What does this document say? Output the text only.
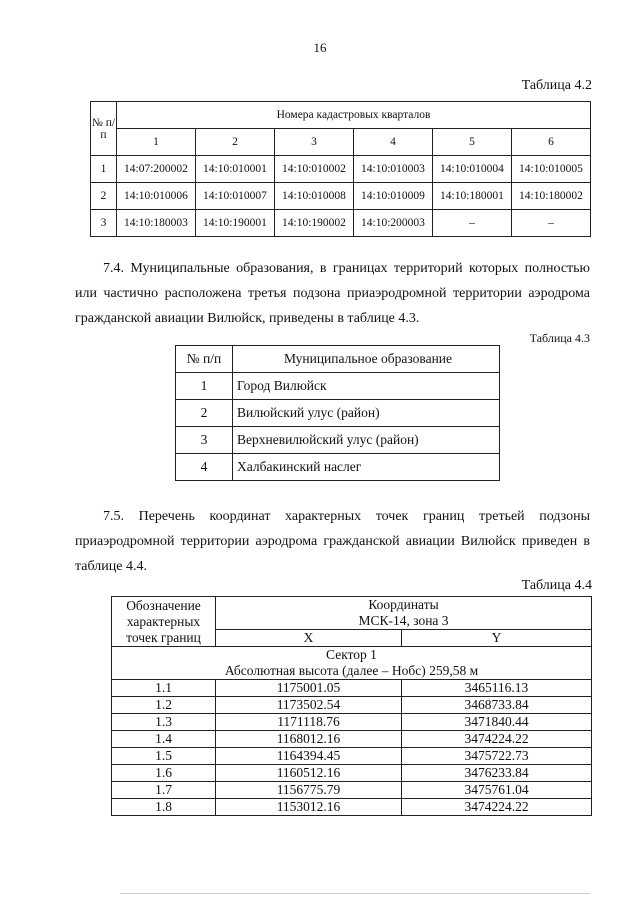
16
Таблица 4.2
№ п/п	Номера кадастровых кварталов					
	1	2	3	4	5	6
1	14:07:200002	14:10:010001	14:10:010002	14:10:010003	14:10:010004	14:10:010005
2	14:10:010006	14:10:010007	14:10:010008	14:10:010009	14:10:180001	14:10:180002
3	14:10:180003	14:10:190001	14:10:190002	14:10:200003	–	–
7.4. Муниципальные образования, в границах территорий которых полностью или частично расположена третья подзона приаэродромной территории аэродрома гражданской авиации Вилюйск, приведены в таблице 4.3.
Таблица 4.3
№ п/п	Муниципальное образование
1	Город Вилюйск
2	Вилюйский улус (район)
3	Верхневилюйский улус (район)
4	Халбакинский наслег
7.5. Перечень координат характерных точек границ третьей подзоны приаэродромной территории аэродрома гражданской авиации Вилюйск приведен в таблице 4.4.
Таблица 4.4
Обозначение характерных точек границ	Координаты
МСК-14, зона 3	

	X	Y

Сектор 1
Абсолютная высота (далее – Нобс) 259,58 м		

1.1	1175001.05	3465116.13
1.2	1173502.54	3468733.84
1.3	1171118.76	3471840.44
1.4	1168012.16	3474224.22
1.5	1164394.45	3475722.73
1.6	1160512.16	3476233.84
1.7	1156775.79	3475761.04
1.8	1153012.16	3474224.22
